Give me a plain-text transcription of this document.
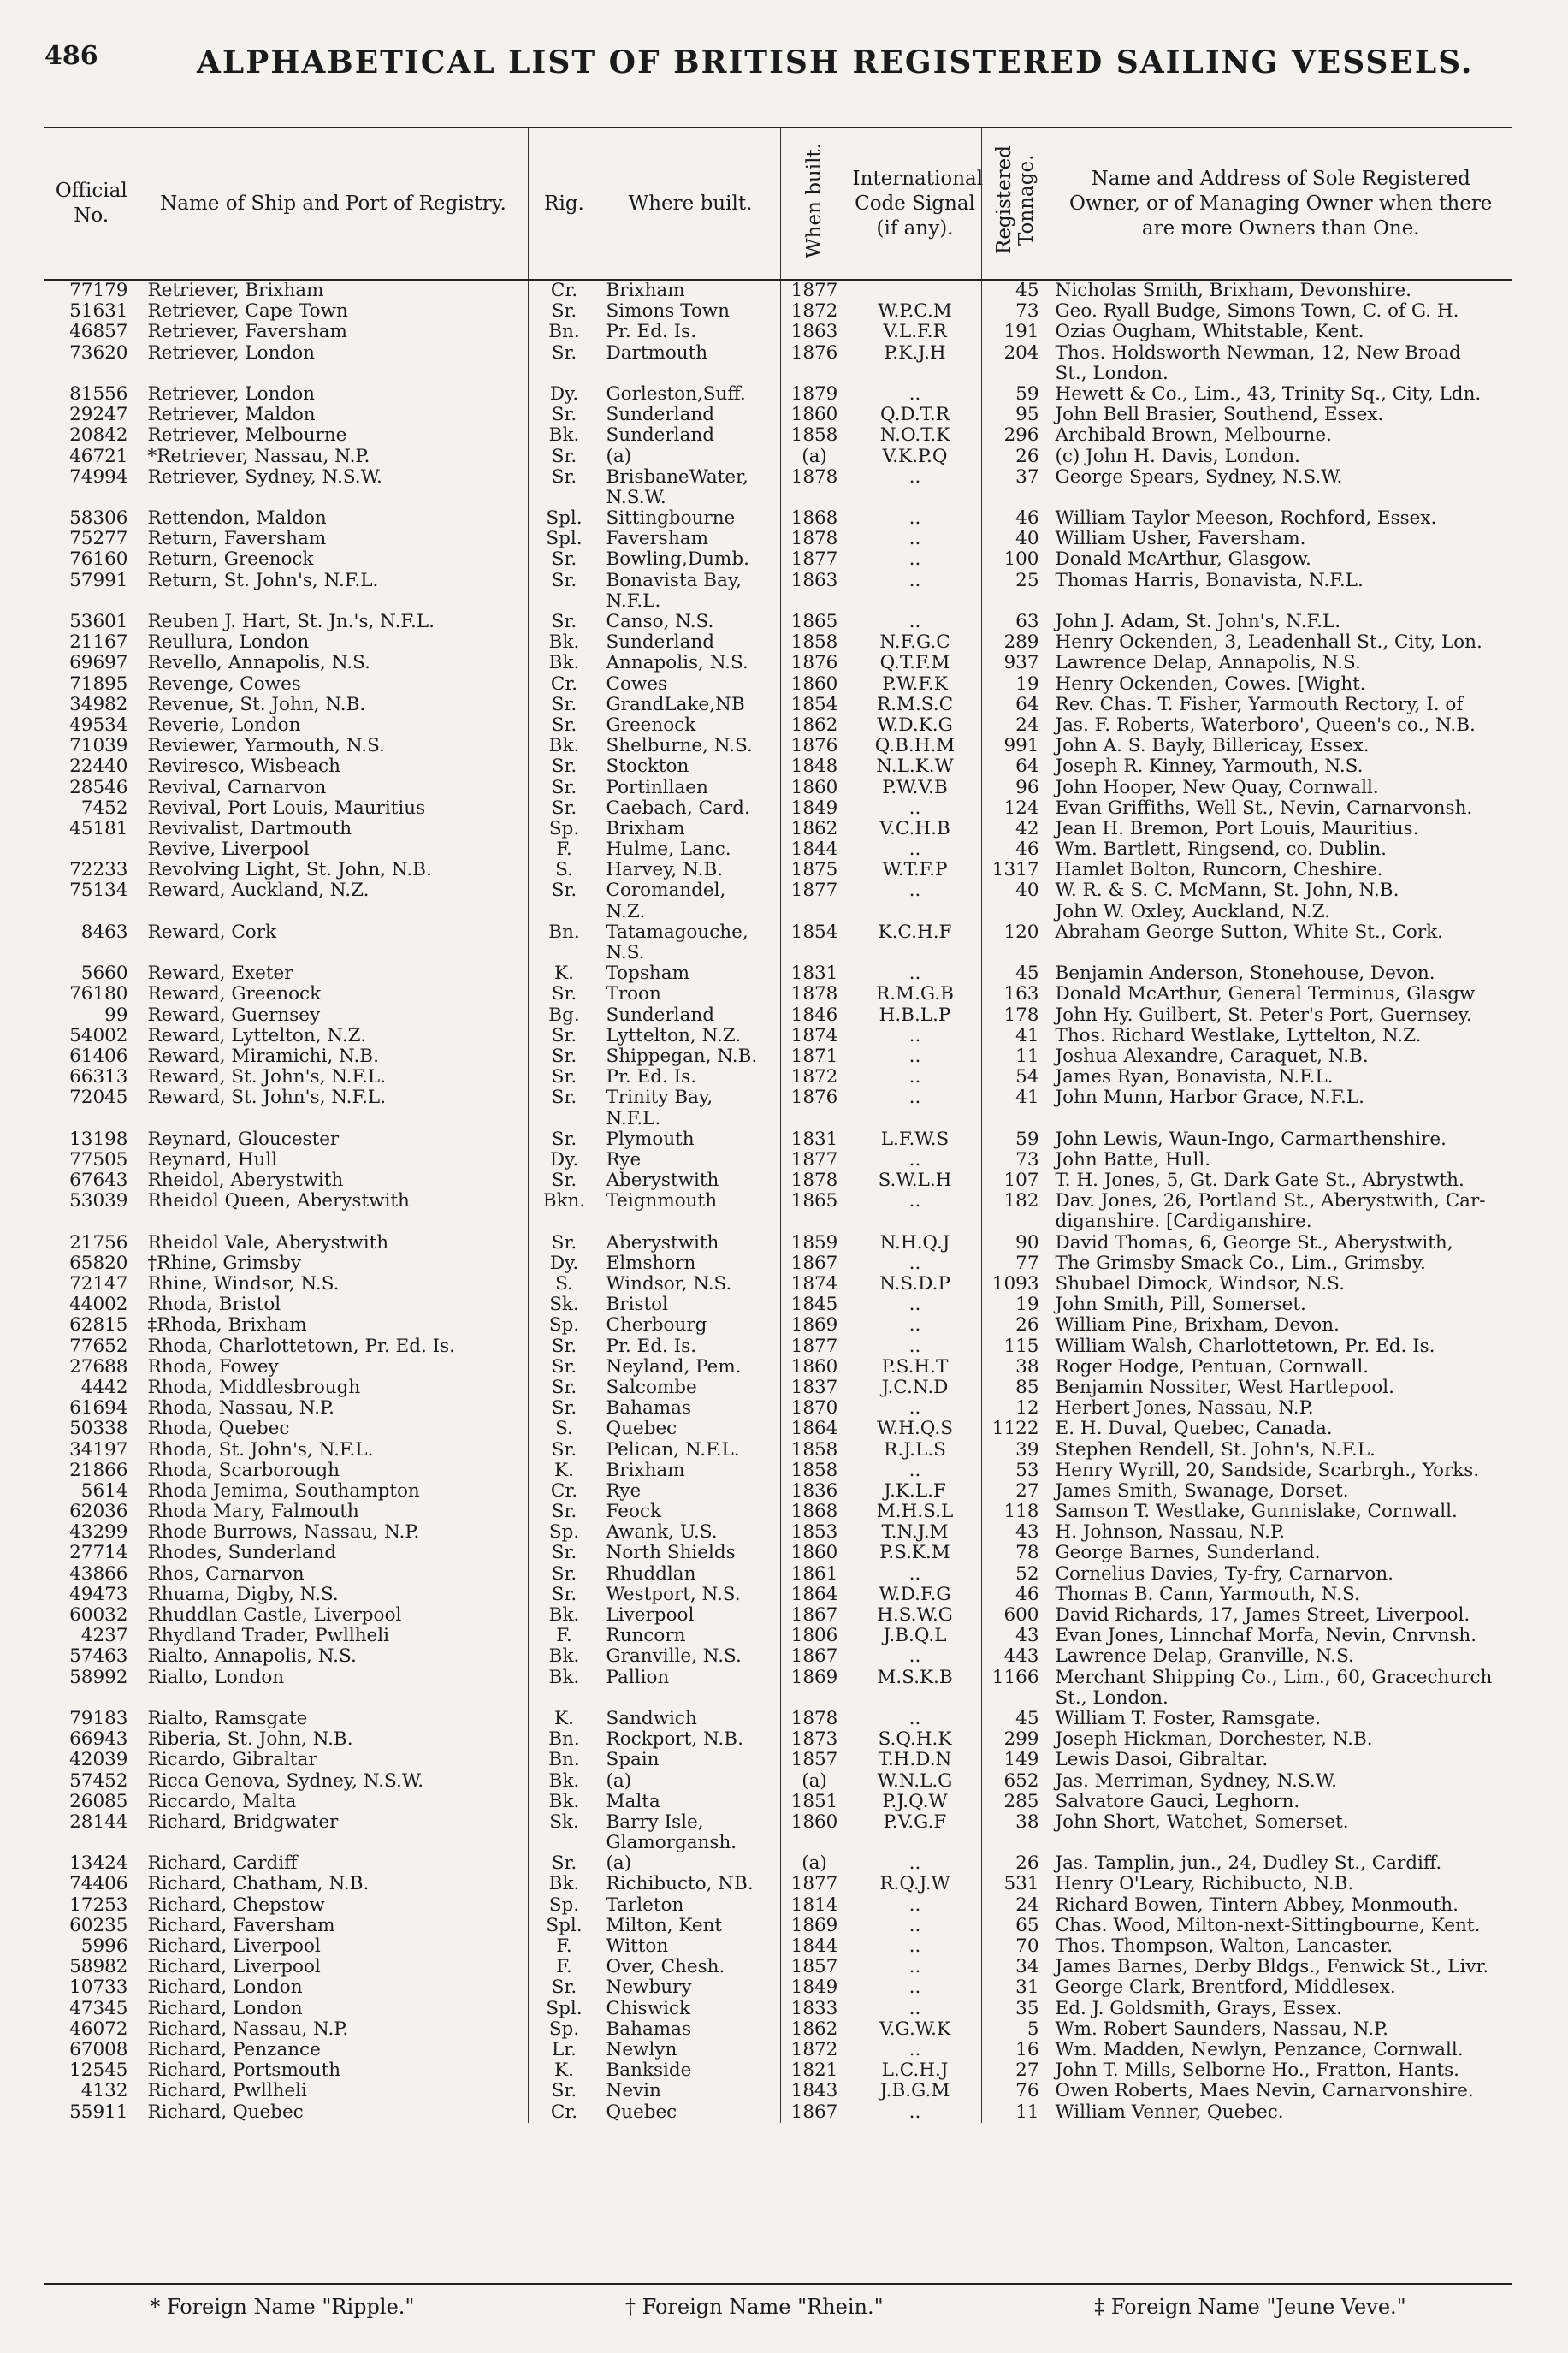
486	ALPHABETICAL LIST OF BRITISH REGISTERED SAILING VESSELS.
Official No.	Name of Ship and Port of Registry.	Rig.	Where built.	When built.	International Code Signal (if any).	Registered Tonnage.	Name and Address of Sole Registered Owner, or of Managing Owner when there are more Owners than One.
77179	Retriever, Brixham	Cr.	Brixham	1877		45	Nicholas Smith, Brixham, Devonshire.
51631	Retriever, Cape Town	Sr.	Simons Town	1872	W.P.C.M	73	Geo. Ryall Budge, Simons Town, C. of G. H.
46857	Retriever, Faversham	Bn.	Pr. Ed. Is.	1863	V.L.F.R	191	Ozias Ougham, Whitstable, Kent.
73620	Retriever, London	Sr.	Dartmouth	1876	P.K.J.H	204	Thos. Holdsworth Newman, 12, New Broad
							St., London.
81556	Retriever, London	Dy.	Gorleston,Suff.	1879	..	59	Hewett & Co., Lim., 43, Trinity Sq., City, Ldn.
29247	Retriever, Maldon	Sr.	Sunderland	1860	Q.D.T.R	95	John Bell Brasier, Southend, Essex.
20842	Retriever, Melbourne	Bk.	Sunderland	1858	N.O.T.K	296	Archibald Brown, Melbourne.
46721	*Retriever, Nassau, N.P.	Sr.	(a)	(a)	V.K.P.Q	26	(c) John H. Davis, London.
74994	Retriever, Sydney, N.S.W.	Sr.	BrisbaneWater,	1878	..	37	George Spears, Sydney, N.S.W.
			N.S.W.				
58306	Rettendon, Maldon	Spl.	Sittingbourne	1868	..	46	William Taylor Meeson, Rochford, Essex.
75277	Return, Faversham	Spl.	Faversham	1878	..	40	William Usher, Faversham.
76160	Return, Greenock	Sr.	Bowling,Dumb.	1877	..	100	Donald McArthur, Glasgow.
57991	Return, St. John's, N.F.L.	Sr.	Bonavista Bay,	1863	..	25	Thomas Harris, Bonavista, N.F.L.
			N.F.L.				
53601	Reuben J. Hart, St. Jn.'s, N.F.L.	Sr.	Canso, N.S.	1865	..	63	John J. Adam, St. John's, N.F.L.
21167	Reullura, London	Bk.	Sunderland	1858	N.F.G.C	289	Henry Ockenden, 3, Leadenhall St., City, Lon.
69697	Revello, Annapolis, N.S.	Bk.	Annapolis, N.S.	1876	Q.T.F.M	937	Lawrence Delap, Annapolis, N.S.
71895	Revenge, Cowes	Cr.	Cowes	1860	P.W.F.K	19	Henry Ockenden, Cowes. [Wight.
34982	Revenue, St. John, N.B.	Sr.	GrandLake,NB	1854	R.M.S.C	64	Rev. Chas. T. Fisher, Yarmouth Rectory, I. of
49534	Reverie, London	Sr.	Greenock	1862	W.D.K.G	24	Jas. F. Roberts, Waterboro', Queen's co., N.B.
71039	Reviewer, Yarmouth, N.S.	Bk.	Shelburne, N.S.	1876	Q.B.H.M	991	John A. S. Bayly, Billericay, Essex.
22440	Reviresco, Wisbeach	Sr.	Stockton	1848	N.L.K.W	64	Joseph R. Kinney, Yarmouth, N.S.
28546	Revival, Carnarvon	Sr.	Portinllaen	1860	P.W.V.B	96	John Hooper, New Quay, Cornwall.
7452	Revival, Port Louis, Mauritius	Sr.	Caebach, Card.	1849	..	124	Evan Griffiths, Well St., Nevin, Carnarvonsh.
45181	Revivalist, Dartmouth	Sp.	Brixham	1862	V.C.H.B	42	Jean H. Bremon, Port Louis, Mauritius.
	Revive, Liverpool	F.	Hulme, Lanc.	1844	..	46	Wm. Bartlett, Ringsend, co. Dublin.
72233	Revolving Light, St. John, N.B.	S.	Harvey, N.B.	1875	W.T.F.P	1317	Hamlet Bolton, Runcorn, Cheshire.
75134	Reward, Auckland, N.Z.	Sr.	Coromandel,	1877	..	40	W. R. & S. C. McMann, St. John, N.B.
			N.Z.				John W. Oxley, Auckland, N.Z.
8463	Reward, Cork	Bn.	Tatamagouche,	1854	K.C.H.F	120	Abraham George Sutton, White St., Cork.
			N.S.				
5660	Reward, Exeter	K.	Topsham	1831	..	45	Benjamin Anderson, Stonehouse, Devon.
76180	Reward, Greenock	Sr.	Troon	1878	R.M.G.B	163	Donald McArthur, General Terminus, Glasgw
99	Reward, Guernsey	Bg.	Sunderland	1846	H.B.L.P	178	John Hy. Guilbert, St. Peter's Port, Guernsey.
54002	Reward, Lyttelton, N.Z.	Sr.	Lyttelton, N.Z.	1874	..	41	Thos. Richard Westlake, Lyttelton, N.Z.
61406	Reward, Miramichi, N.B.	Sr.	Shippegan, N.B.	1871	..	11	Joshua Alexandre, Caraquet, N.B.
66313	Reward, St. John's, N.F.L.	Sr.	Pr. Ed. Is.	1872	..	54	James Ryan, Bonavista, N.F.L.
72045	Reward, St. John's, N.F.L.	Sr.	Trinity Bay,	1876	..	41	John Munn, Harbor Grace, N.F.L.
			N.F.L.				
13198	Reynard, Gloucester	Sr.	Plymouth	1831	L.F.W.S	59	John Lewis, Waun-Ingo, Carmarthenshire.
77505	Reynard, Hull	Dy.	Rye	1877	..	73	John Batte, Hull.
67643	Rheidol, Aberystwith	Sr.	Aberystwith	1878	S.W.L.H	107	T. H. Jones, 5, Gt. Dark Gate St., Abrystwth.
53039	Rheidol Queen, Aberystwith	Bkn.	Teignmouth	1865	..	182	Dav. Jones, 26, Portland St., Aberystwith, Car-
							diganshire. [Cardiganshire.
21756	Rheidol Vale, Aberystwith	Sr.	Aberystwith	1859	N.H.Q.J	90	David Thomas, 6, George St., Aberystwith,
65820	†Rhine, Grimsby	Dy.	Elmshorn	1867	..	77	The Grimsby Smack Co., Lim., Grimsby.
72147	Rhine, Windsor, N.S.	S.	Windsor, N.S.	1874	N.S.D.P	1093	Shubael Dimock, Windsor, N.S.
44002	Rhoda, Bristol	Sk.	Bristol	1845	..	19	John Smith, Pill, Somerset.
62815	‡Rhoda, Brixham	Sp.	Cherbourg	1869	..	26	William Pine, Brixham, Devon.
77652	Rhoda, Charlottetown, Pr. Ed. Is.	Sr.	Pr. Ed. Is.	1877	..	115	William Walsh, Charlottetown, Pr. Ed. Is.
27688	Rhoda, Fowey	Sr.	Neyland, Pem.	1860	P.S.H.T	38	Roger Hodge, Pentuan, Cornwall.
4442	Rhoda, Middlesbrough	Sr.	Salcombe	1837	J.C.N.D	85	Benjamin Nossiter, West Hartlepool.
61694	Rhoda, Nassau, N.P.	Sr.	Bahamas	1870	..	12	Herbert Jones, Nassau, N.P.
50338	Rhoda, Quebec	S.	Quebec	1864	W.H.Q.S	1122	E. H. Duval, Quebec, Canada.
34197	Rhoda, St. John's, N.F.L.	Sr.	Pelican, N.F.L.	1858	R.J.L.S	39	Stephen Rendell, St. John's, N.F.L.
21866	Rhoda, Scarborough	K.	Brixham	1858	..	53	Henry Wyrill, 20, Sandside, Scarbrgh., Yorks.
5614	Rhoda Jemima, Southampton	Cr.	Rye	1836	J.K.L.F	27	James Smith, Swanage, Dorset.
62036	Rhoda Mary, Falmouth	Sr.	Feock	1868	M.H.S.L	118	Samson T. Westlake, Gunnislake, Cornwall.
43299	Rhode Burrows, Nassau, N.P.	Sp.	Awank, U.S.	1853	T.N.J.M	43	H. Johnson, Nassau, N.P.
27714	Rhodes, Sunderland	Sr.	North Shields	1860	P.S.K.M	78	George Barnes, Sunderland.
43866	Rhos, Carnarvon	Sr.	Rhuddlan	1861	..	52	Cornelius Davies, Ty-fry, Carnarvon.
49473	Rhuama, Digby, N.S.	Sr.	Westport, N.S.	1864	W.D.F.G	46	Thomas B. Cann, Yarmouth, N.S.
60032	Rhuddlan Castle, Liverpool	Bk.	Liverpool	1867	H.S.W.G	600	David Richards, 17, James Street, Liverpool.
4237	Rhydland Trader, Pwllheli	F.	Runcorn	1806	J.B.Q.L	43	Evan Jones, Linnchaf Morfa, Nevin, Cnrvnsh.
57463	Rialto, Annapolis, N.S.	Bk.	Granville, N.S.	1867	..	443	Lawrence Delap, Granville, N.S.
58992	Rialto, London	Bk.	Pallion	1869	M.S.K.B	1166	Merchant Shipping Co., Lim., 60, Gracechurch
							St., London.
79183	Rialto, Ramsgate	K.	Sandwich	1878	..	45	William T. Foster, Ramsgate.
66943	Riberia, St. John, N.B.	Bn.	Rockport, N.B.	1873	S.Q.H.K	299	Joseph Hickman, Dorchester, N.B.
42039	Ricardo, Gibraltar	Bn.	Spain	1857	T.H.D.N	149	Lewis Dasoi, Gibraltar.
57452	Ricca Genova, Sydney, N.S.W.	Bk.	(a)	(a)	W.N.L.G	652	Jas. Merriman, Sydney, N.S.W.
26085	Riccardo, Malta	Bk.	Malta	1851	P.J.Q.W	285	Salvatore Gauci, Leghorn.
28144	Richard, Bridgwater	Sk.	Barry Isle,	1860	P.V.G.F	38	John Short, Watchet, Somerset.
			Glamorgansh.				
13424	Richard, Cardiff	Sr.	(a)	(a)	..	26	Jas. Tamplin, jun., 24, Dudley St., Cardiff.
74406	Richard, Chatham, N.B.	Bk.	Richibucto, NB.	1877	R.Q.J.W	531	Henry O'Leary, Richibucto, N.B.
17253	Richard, Chepstow	Sp.	Tarleton	1814	..	24	Richard Bowen, Tintern Abbey, Monmouth.
60235	Richard, Faversham	Spl.	Milton, Kent	1869	..	65	Chas. Wood, Milton-next-Sittingbourne, Kent.
5996	Richard, Liverpool	F.	Witton	1844	..	70	Thos. Thompson, Walton, Lancaster.
58982	Richard, Liverpool	F.	Over, Chesh.	1857	..	34	James Barnes, Derby Bldgs., Fenwick St., Livr.
10733	Richard, London	Sr.	Newbury	1849	..	31	George Clark, Brentford, Middlesex.
47345	Richard, London	Spl.	Chiswick	1833	..	35	Ed. J. Goldsmith, Grays, Essex.
46072	Richard, Nassau, N.P.	Sp.	Bahamas	1862	V.G.W.K	5	Wm. Robert Saunders, Nassau, N.P.
67008	Richard, Penzance	Lr.	Newlyn	1872	..	16	Wm. Madden, Newlyn, Penzance, Cornwall.
12545	Richard, Portsmouth	K.	Bankside	1821	L.C.H.J	27	John T. Mills, Selborne Ho., Fratton, Hants.
4132	Richard, Pwllheli	Sr.	Nevin	1843	J.B.G.M	76	Owen Roberts, Maes Nevin, Carnarvonshire.
55911	Richard, Quebec	Cr.	Quebec	1867	..	11	William Venner, Quebec.
* Foreign Name "Ripple."	† Foreign Name "Rhein."	‡ Foreign Name "Jeune Veve."
